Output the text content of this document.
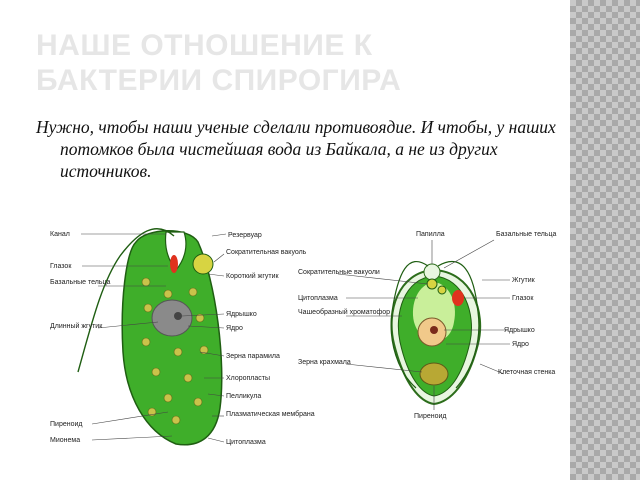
НАШЕ ОТНОШЕНИЕ К
БАКТЕРИИ СПИРОГИРА

Нужно, чтобы наши ученые сделали противоядие. И чтобы, у наших потомков была чистейшая вода из Байкала, а не из других источников.

Канал
Глазок
Базальные тельца
Длинный жгутик
Пиреноид
Мионема
Резервуар
Сократительная вакуоль
Короткий жгутик
Ядрышко
Ядро
Зерна парамила
Хлоропласты
Пелликула
Плазматическая мембрана
Цитоплазма
Папилла	Базальные тельца
Сократительные вакуоли
Цитоплазма
Чашеобразный хроматофор
Зерна крахмала
Жгутик
Глазок
Ядрышко
Ядро
Клеточная стенка
Пиреноид
